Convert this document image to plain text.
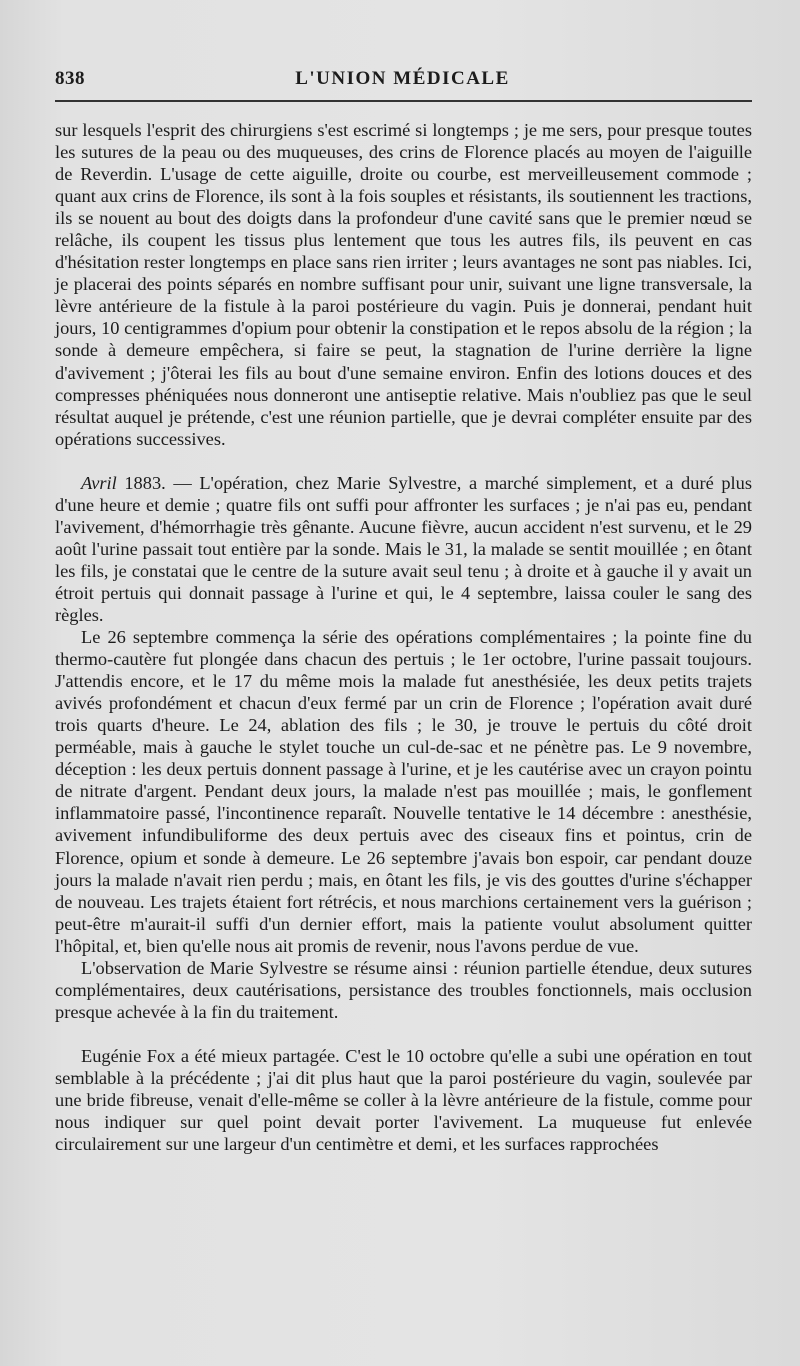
838	L'UNION MÉDICALE

sur lesquels l'esprit des chirurgiens s'est escrimé si longtemps ; je me sers, pour presque toutes les sutures de la peau ou des muqueuses, des crins de Florence placés au moyen de l'aiguille de Reverdin. L'usage de cette aiguille, droite ou courbe, est merveilleusement commode ; quant aux crins de Florence, ils sont à la fois souples et résistants, ils soutiennent les tractions, ils se nouent au bout des doigts dans la profondeur d'une cavité sans que le premier nœud se relâche, ils coupent les tissus plus lentement que tous les autres fils, ils peuvent en cas d'hésitation rester longtemps en place sans rien irriter ; leurs avantages ne sont pas niables. Ici, je placerai des points séparés en nombre suffisant pour unir, suivant une ligne transversale, la lèvre antérieure de la fistule à la paroi postérieure du vagin. Puis je donnerai, pendant huit jours, 10 centigrammes d'opium pour obtenir la constipation et le repos absolu de la région ; la sonde à demeure empêchera, si faire se peut, la stagnation de l'urine derrière la ligne d'avivement ; j'ôterai les fils au bout d'une semaine environ. Enfin des lotions douces et des compresses phéniquées nous donneront une antiseptie relative. Mais n'oubliez pas que le seul résultat auquel je prétende, c'est une réunion partielle, que je devrai compléter ensuite par des opérations successives.

Avril 1883. — L'opération, chez Marie Sylvestre, a marché simplement, et a duré plus d'une heure et demie ; quatre fils ont suffi pour affronter les surfaces ; je n'ai pas eu, pendant l'avivement, d'hémorrhagie très gênante. Aucune fièvre, aucun accident n'est survenu, et le 29 août l'urine passait tout entière par la sonde. Mais le 31, la malade se sentit mouillée ; en ôtant les fils, je constatai que le centre de la suture avait seul tenu ; à droite et à gauche il y avait un étroit pertuis qui donnait passage à l'urine et qui, le 4 septembre, laissa couler le sang des règles.

Le 26 septembre commença la série des opérations complémentaires ; la pointe fine du thermo-cautère fut plongée dans chacun des pertuis ; le 1er octobre, l'urine passait toujours. J'attendis encore, et le 17 du même mois la malade fut anesthésiée, les deux petits trajets avivés profondément et chacun d'eux fermé par un crin de Florence ; l'opération avait duré trois quarts d'heure. Le 24, ablation des fils ; le 30, je trouve le pertuis du côté droit perméable, mais à gauche le stylet touche un cul-de-sac et ne pénètre pas. Le 9 novembre, déception : les deux pertuis donnent passage à l'urine, et je les cautérise avec un crayon pointu de nitrate d'argent. Pendant deux jours, la malade n'est pas mouillée ; mais, le gonflement inflammatoire passé, l'incontinence reparaît. Nouvelle tentative le 14 décembre : anesthésie, avivement infundibuliforme des deux pertuis avec des ciseaux fins et pointus, crin de Florence, opium et sonde à demeure. Le 26 septembre j'avais bon espoir, car pendant douze jours la malade n'avait rien perdu ; mais, en ôtant les fils, je vis des gouttes d'urine s'échapper de nouveau. Les trajets étaient fort rétrécis, et nous marchions certainement vers la guérison ; peut-être m'aurait-il suffi d'un dernier effort, mais la patiente voulut absolument quitter l'hôpital, et, bien qu'elle nous ait promis de revenir, nous l'avons perdue de vue.

L'observation de Marie Sylvestre se résume ainsi : réunion partielle étendue, deux sutures complémentaires, deux cautérisations, persistance des troubles fonctionnels, mais occlusion presque achevée à la fin du traitement.

Eugénie Fox a été mieux partagée. C'est le 10 octobre qu'elle a subi une opération en tout semblable à la précédente ; j'ai dit plus haut que la paroi postérieure du vagin, soulevée par une bride fibreuse, venait d'elle-même se coller à la lèvre antérieure de la fistule, comme pour nous indiquer sur quel point devait porter l'avivement. La muqueuse fut enlevée circulairement sur une largeur d'un centimètre et demi, et les surfaces rapprochées
